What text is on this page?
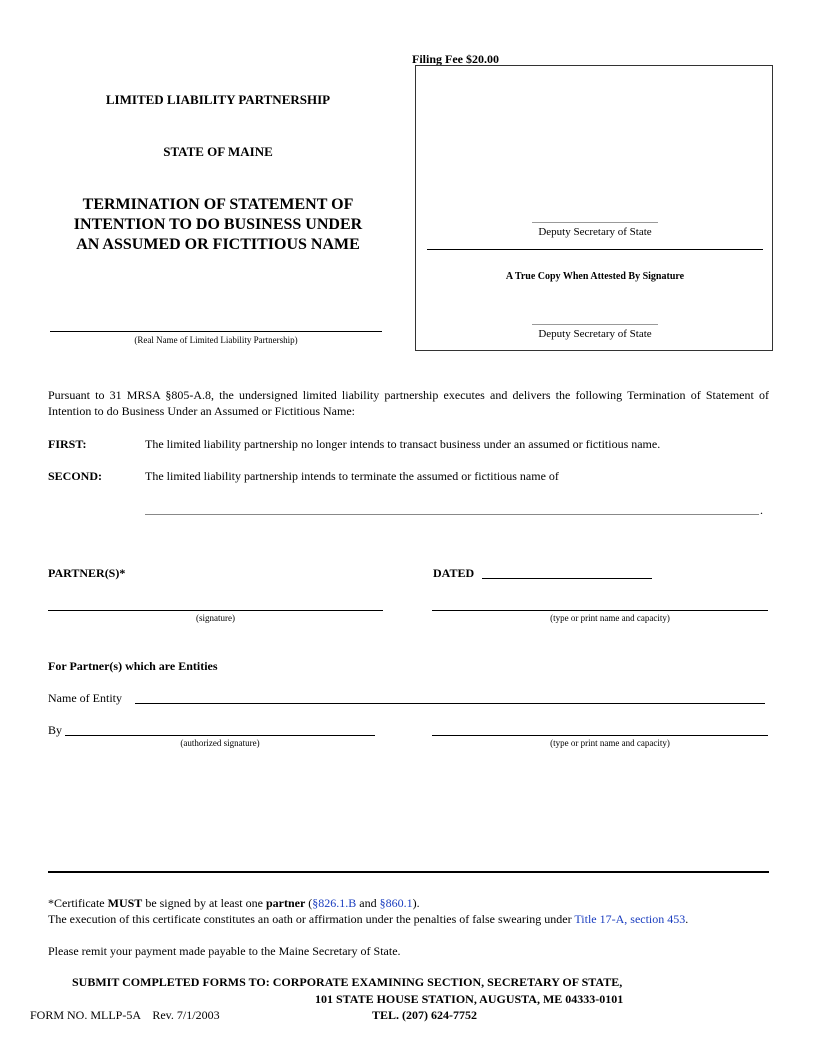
Filing Fee $20.00
LIMITED LIABILITY PARTNERSHIP
STATE OF MAINE
TERMINATION OF STATEMENT OF
INTENTION TO DO BUSINESS UNDER
AN ASSUMED OR FICTITIOUS NAME
(Real Name of Limited Liability Partnership)
Deputy Secretary of State
A True Copy When Attested By Signature
Deputy Secretary of State
Pursuant to 31 MRSA §805-A.8, the undersigned limited liability partnership executes and delivers the following Termination of Statement of Intention to do Business Under an Assumed or Fictitious Name:
FIRST:	The limited liability partnership no longer intends to transact business under an assumed or fictitious name.
SECOND:	The limited liability partnership intends to terminate the assumed or fictitious name of
.
PARTNER(S)*	DATED
(signature)	(type or print name and capacity)
For Partner(s) which are Entities
Name of Entity
By
(authorized signature)	(type or print name and capacity)
*Certificate MUST be signed by at least one partner (§826.1.B and §860.1).
The execution of this certificate constitutes an oath or affirmation under the penalties of false swearing under Title 17-A, section 453.
Please remit your payment made payable to the Maine Secretary of State.
SUBMIT COMPLETED FORMS TO: CORPORATE EXAMINING SECTION, SECRETARY OF STATE,
101 STATE HOUSE STATION, AUGUSTA, ME 04333-0101
FORM NO. MLLP-5A    Rev. 7/1/2003	TEL. (207) 624-7752
